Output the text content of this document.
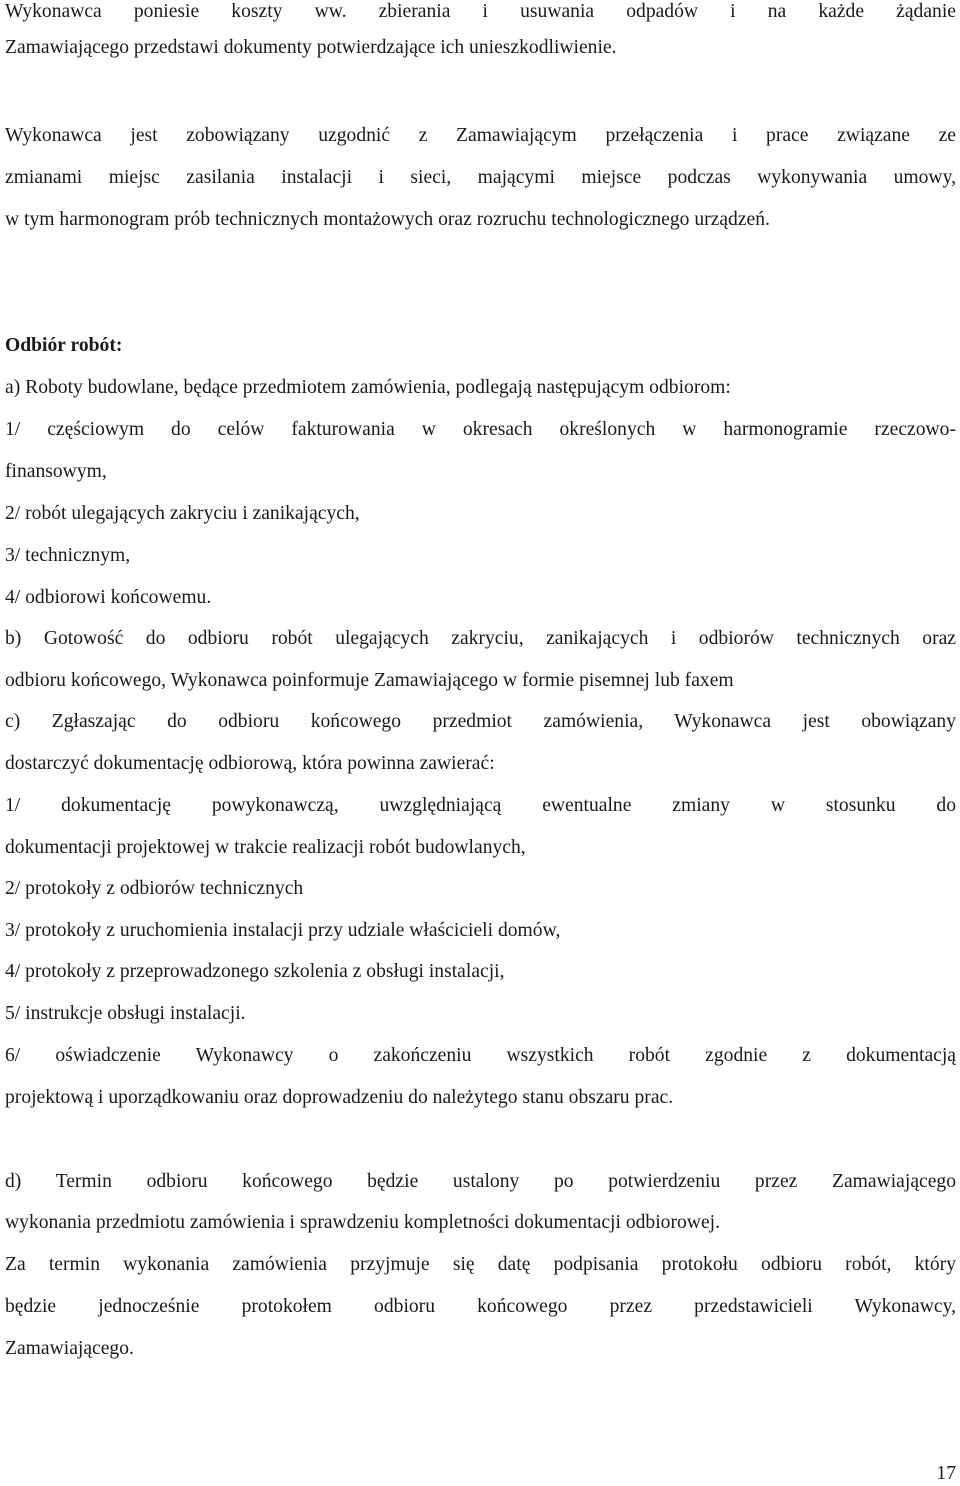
Wykonawca poniesie koszty ww. zbierania i usuwania odpadów i na każde żądanie
Zamawiającego przedstawi dokumenty potwierdzające ich unieszkodliwienie.
Wykonawca jest zobowiązany uzgodnić z Zamawiającym przełączenia i prace związane ze
zmianami miejsc zasilania instalacji i sieci, mającymi miejsce podczas wykonywania umowy,
w tym harmonogram prób technicznych montażowych oraz rozruchu technologicznego urządzeń.
Odbiór robót:
a) Roboty budowlane, będące przedmiotem zamówienia, podlegają następującym odbiorom:
1/ częściowym do celów fakturowania w okresach określonych w harmonogramie rzeczowo-
finansowym,
2/ robót ulegających zakryciu i zanikających,
3/ technicznym,
4/ odbiorowi końcowemu.
b) Gotowość do odbioru robót ulegających zakryciu, zanikających i odbiorów technicznych oraz
odbioru końcowego, Wykonawca poinformuje Zamawiającego w formie pisemnej lub faxem
c) Zgłaszając do odbioru końcowego przedmiot zamówienia, Wykonawca jest obowiązany
dostarczyć dokumentację odbiorową, która powinna zawierać:
1/ dokumentację powykonawczą, uwzględniającą ewentualne zmiany w stosunku do
dokumentacji projektowej w trakcie realizacji robót budowlanych,
2/ protokoły z odbiorów technicznych
3/ protokoły z uruchomienia instalacji przy udziale właścicieli domów,
4/ protokoły z przeprowadzonego szkolenia z obsługi instalacji,
5/ instrukcje obsługi instalacji.
6/ oświadczenie Wykonawcy o zakończeniu wszystkich robót zgodnie z dokumentacją
projektową i uporządkowaniu oraz doprowadzeniu do należytego stanu obszaru prac.
d) Termin odbioru końcowego będzie ustalony po potwierdzeniu przez Zamawiającego
wykonania przedmiotu zamówienia i sprawdzeniu kompletności dokumentacji odbiorowej.
Za termin wykonania zamówienia przyjmuje się datę podpisania protokołu odbioru robót, który
będzie jednocześnie protokołem odbioru końcowego przez przedstawicieli Wykonawcy,
Zamawiającego.
17
